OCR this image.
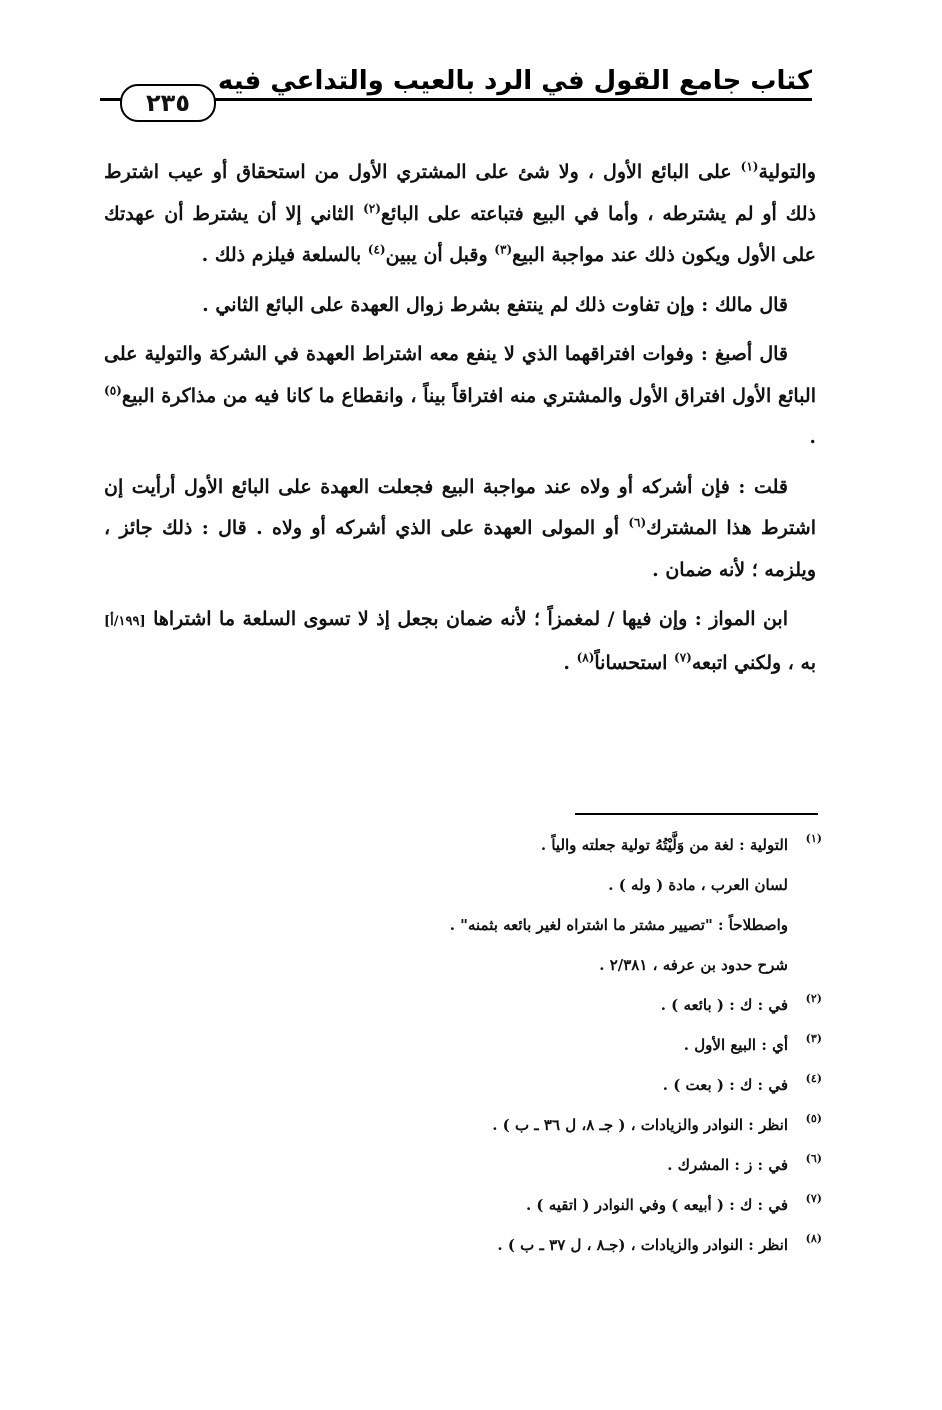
كتاب جامع القول في الرد بالعيب والتداعي فيه
٢٣٥

والتولية$^{(١)}$ على البائع الأول ، ولا شئ على المشتري الأول من استحقاق أو عيب اشترط ذلك أو لم يشترطه ، وأما في البيع فتباعته على البائع$^{(٢)}$ الثاني إلا أن يشترط أن عهدتك على الأول ويكون ذلك عند مواجبة البيع$^{(٣)}$ وقبل أن يبين$^{(٤)}$ بالسلعة فيلزم ذلك .

قال مالك : وإن تفاوت ذلك لم ينتفع بشرط زوال العهدة على البائع الثاني .

قال أصبغ : وفوات افتراقهما الذي لا ينفع معه اشتراط العهدة في الشركة والتولية على البائع الأول افتراق الأول والمشتري منه افتراقاً بيناً ، وانقطاع ما كانا فيه من مذاكرة البيع$^{(٥)}$ .

قلت : فإن أشركه أو ولاه عند مواجبة البيع فجعلت العهدة على البائع الأول أرأيت إن اشترط هذا المشترك$^{(٦)}$ أو المولى العهدة على الذي أشركه أو ولاه . قال : ذلك جائز ، ويلزمه ؛ لأنه ضمان .

ابن المواز : وإن فيها / لمغمزاً ؛ لأنه ضمان بجعل إذ لا تسوى السلعة ما اشتراها [١٩٩/أ] به ، ولكني اتبعه$^{(٧)}$ استحساناً$^{(٨)}$ .

(١)
التولية : لغة من وَلَّيْتُهُ تولية جعلته والياً .
لسان العرب ، مادة ( وله ) .
واصطلاحاً : "تصيير مشتر ما اشتراه لغير بائعه بثمنه" .
شرح حدود بن عرفه ، ٢/٣٨١ .
(٢)
في : ك : ( بائعه ) .
(٣)
أي : البيع الأول .
(٤)
في : ك : ( بعت ) .
(٥)
انظر : النوادر والزيادات ، ( جـ ٨، ل ٣٦ ـ ب ) .
(٦)
في : ز : المشرك .
(٧)
في : ك : ( أبيعه ) وفي النوادر ( اتقيه ) .
(٨)
انظر : النوادر والزيادات ، (جـ٨ ، ل ٣٧ ـ ب ) .
